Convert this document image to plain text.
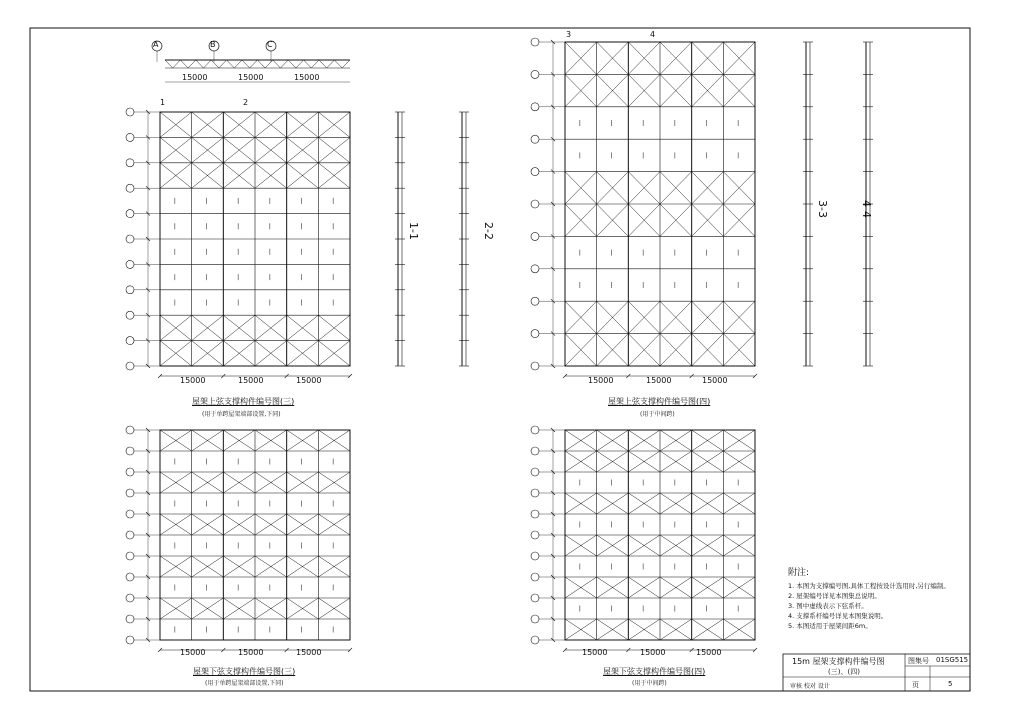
15000	15000	15000
A	B	C
1	2
15000	15000	15000
屋架上弦支撑构件编号图(三)
(用于单跨屋架端部设置,下同)
3	4
15000	15000	15000
屋架上弦支撑构件编号图(四)
(用于中间跨)
15000	15000	15000
屋架下弦支撑构件编号图(三)
(用于单跨屋架端部设置,下同)
15000	15000	15000
屋架下弦支撑构件编号图(四)
(用于中间跨)
1-1	2-2
3-3	4-4
附注:
1. 本图为支撑编号图,具体工程按设计选用时,另行编制。
2. 屋架编号详见本图集总说明。
3. 图中虚线表示下弦系杆。
4. 支撑系杆编号详见本图集说明。
5. 本图适用于屋架间距6m。
15m 屋架支撑构件编号图
(三)、(四)
图集号 01SG515
审核 校对 设计	页	5
